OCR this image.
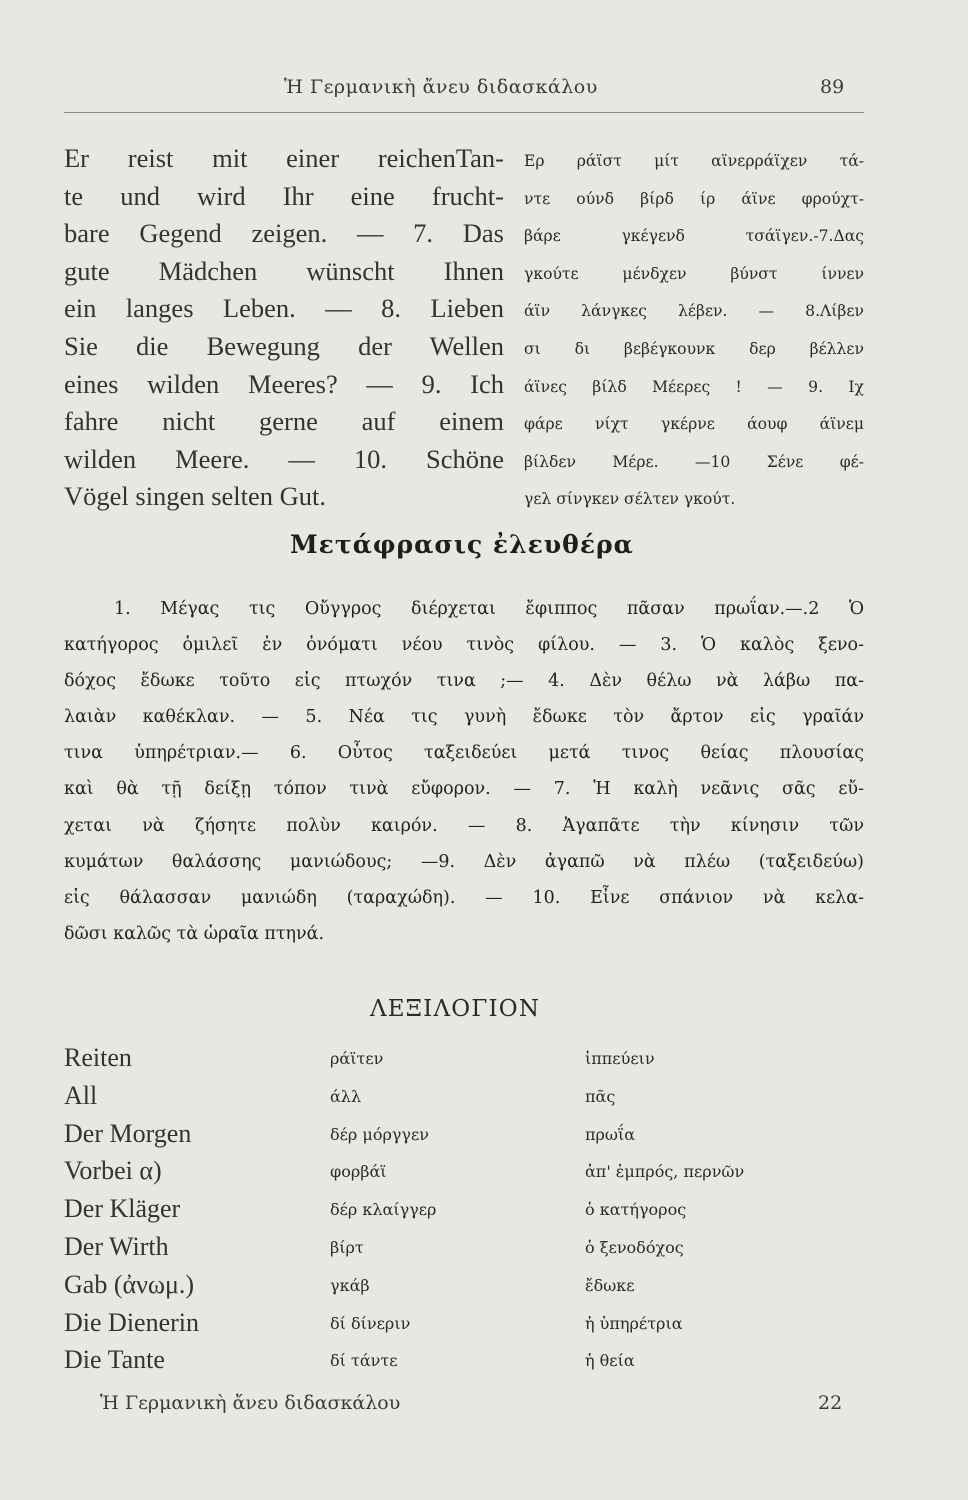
Ἡ Γερμανικὴ ἄνευ διδασκάλου	89
Er reist mit einer reichenTan-
te und wird Ihr eine frucht-
bare Gegend zeigen. — 7. Das
gute Mädchen wünscht Ihnen
ein langes Leben. — 8. Lieben
Sie die Bewegung der Wellen
eines wilden Meeres? — 9. Ich
fahre nicht gerne auf einem
wilden Meere. — 10. Schöne
Vögel singen selten Gut.
Ερ ράϊστ μίτ αϊνερράϊχεν τά-
ντε ούνδ βίρδ ίρ άϊνε φρούχτ-
βάρε γκέγενδ τσάϊγεν.-7.Δας
γκούτε μένδχεν βύνστ ίννεν
άϊν λάνγκες λέβεν. — 8.Λίβεν
σι δι βεβέγκουνκ δερ βέλλεν
άϊνες βίλδ Μέερες ! — 9. Ιχ
φάρε νίχτ γκέρνε άουφ άϊνεμ
βίλδεν Μέρε. —10 Σένε φέ-
γελ σίνγκεν σέλτεν γκούτ.
Μετάφρασις ἐλευθέρα
1. Μέγας τις Οὔγγρος διέρχεται ἔφιππος πᾶσαν πρωΐαν.—.2 Ὁ
κατήγορος ὁμιλεῖ ἐν ὀνόματι νέου τινὸς φίλου. — 3. Ὁ καλὸς ξενο-
δόχος ἔδωκε τοῦτο εἰς πτωχόν τινα ;— 4. Δὲν θέλω νὰ λάβω πα-
λαιὰν καθέκλαν. — 5. Νέα τις γυνὴ ἔδωκε τὸν ἄρτον εἰς γραῖάν
τινα ὑπηρέτριαν.— 6. Οὗτος ταξειδεύει μετά τινος θείας πλουσίας
καὶ θὰ τῇ δείξῃ τόπον τινὰ εὔφορον. — 7. Ἡ καλὴ νεᾶνις σᾶς εὔ-
χεται νὰ ζήσητε πολὺν καιρόν. — 8. Ἀγαπᾶτε τὴν κίνησιν τῶν
κυμάτων θαλάσσης μανιώδους; —9. Δὲν ἀγαπῶ νὰ πλέω (ταξειδεύω)
εἰς θάλασσαν μανιώδη (ταραχώδη). — 10. Εἶνε σπάνιον νὰ κελα-
δῶσι καλῶς τὰ ὡραῖα πτηνά.
ΛΕΞΙΛΟΓΙΟΝ
Reiten	ράϊτεν	ἱππεύειν
All	άλλ	πᾶς
Der Morgen	δέρ μόργγεν	πρωΐα
Vorbei α)	φορβάϊ	ἀπ' ἐμπρός, περνῶν
Der Kläger	δέρ κλαίγγερ	ὁ κατήγορος
Der Wirth	βίρτ	ὁ ξενοδόχος
Gab (ἀνωμ.)	γκάβ	ἔδωκε
Die Dienerin	δί δίνεριν	ἡ ὑπηρέτρια
Die Tante	δί τάντε	ἡ θεία
Ἡ Γερμανικὴ ἄνευ διδασκάλου	22
